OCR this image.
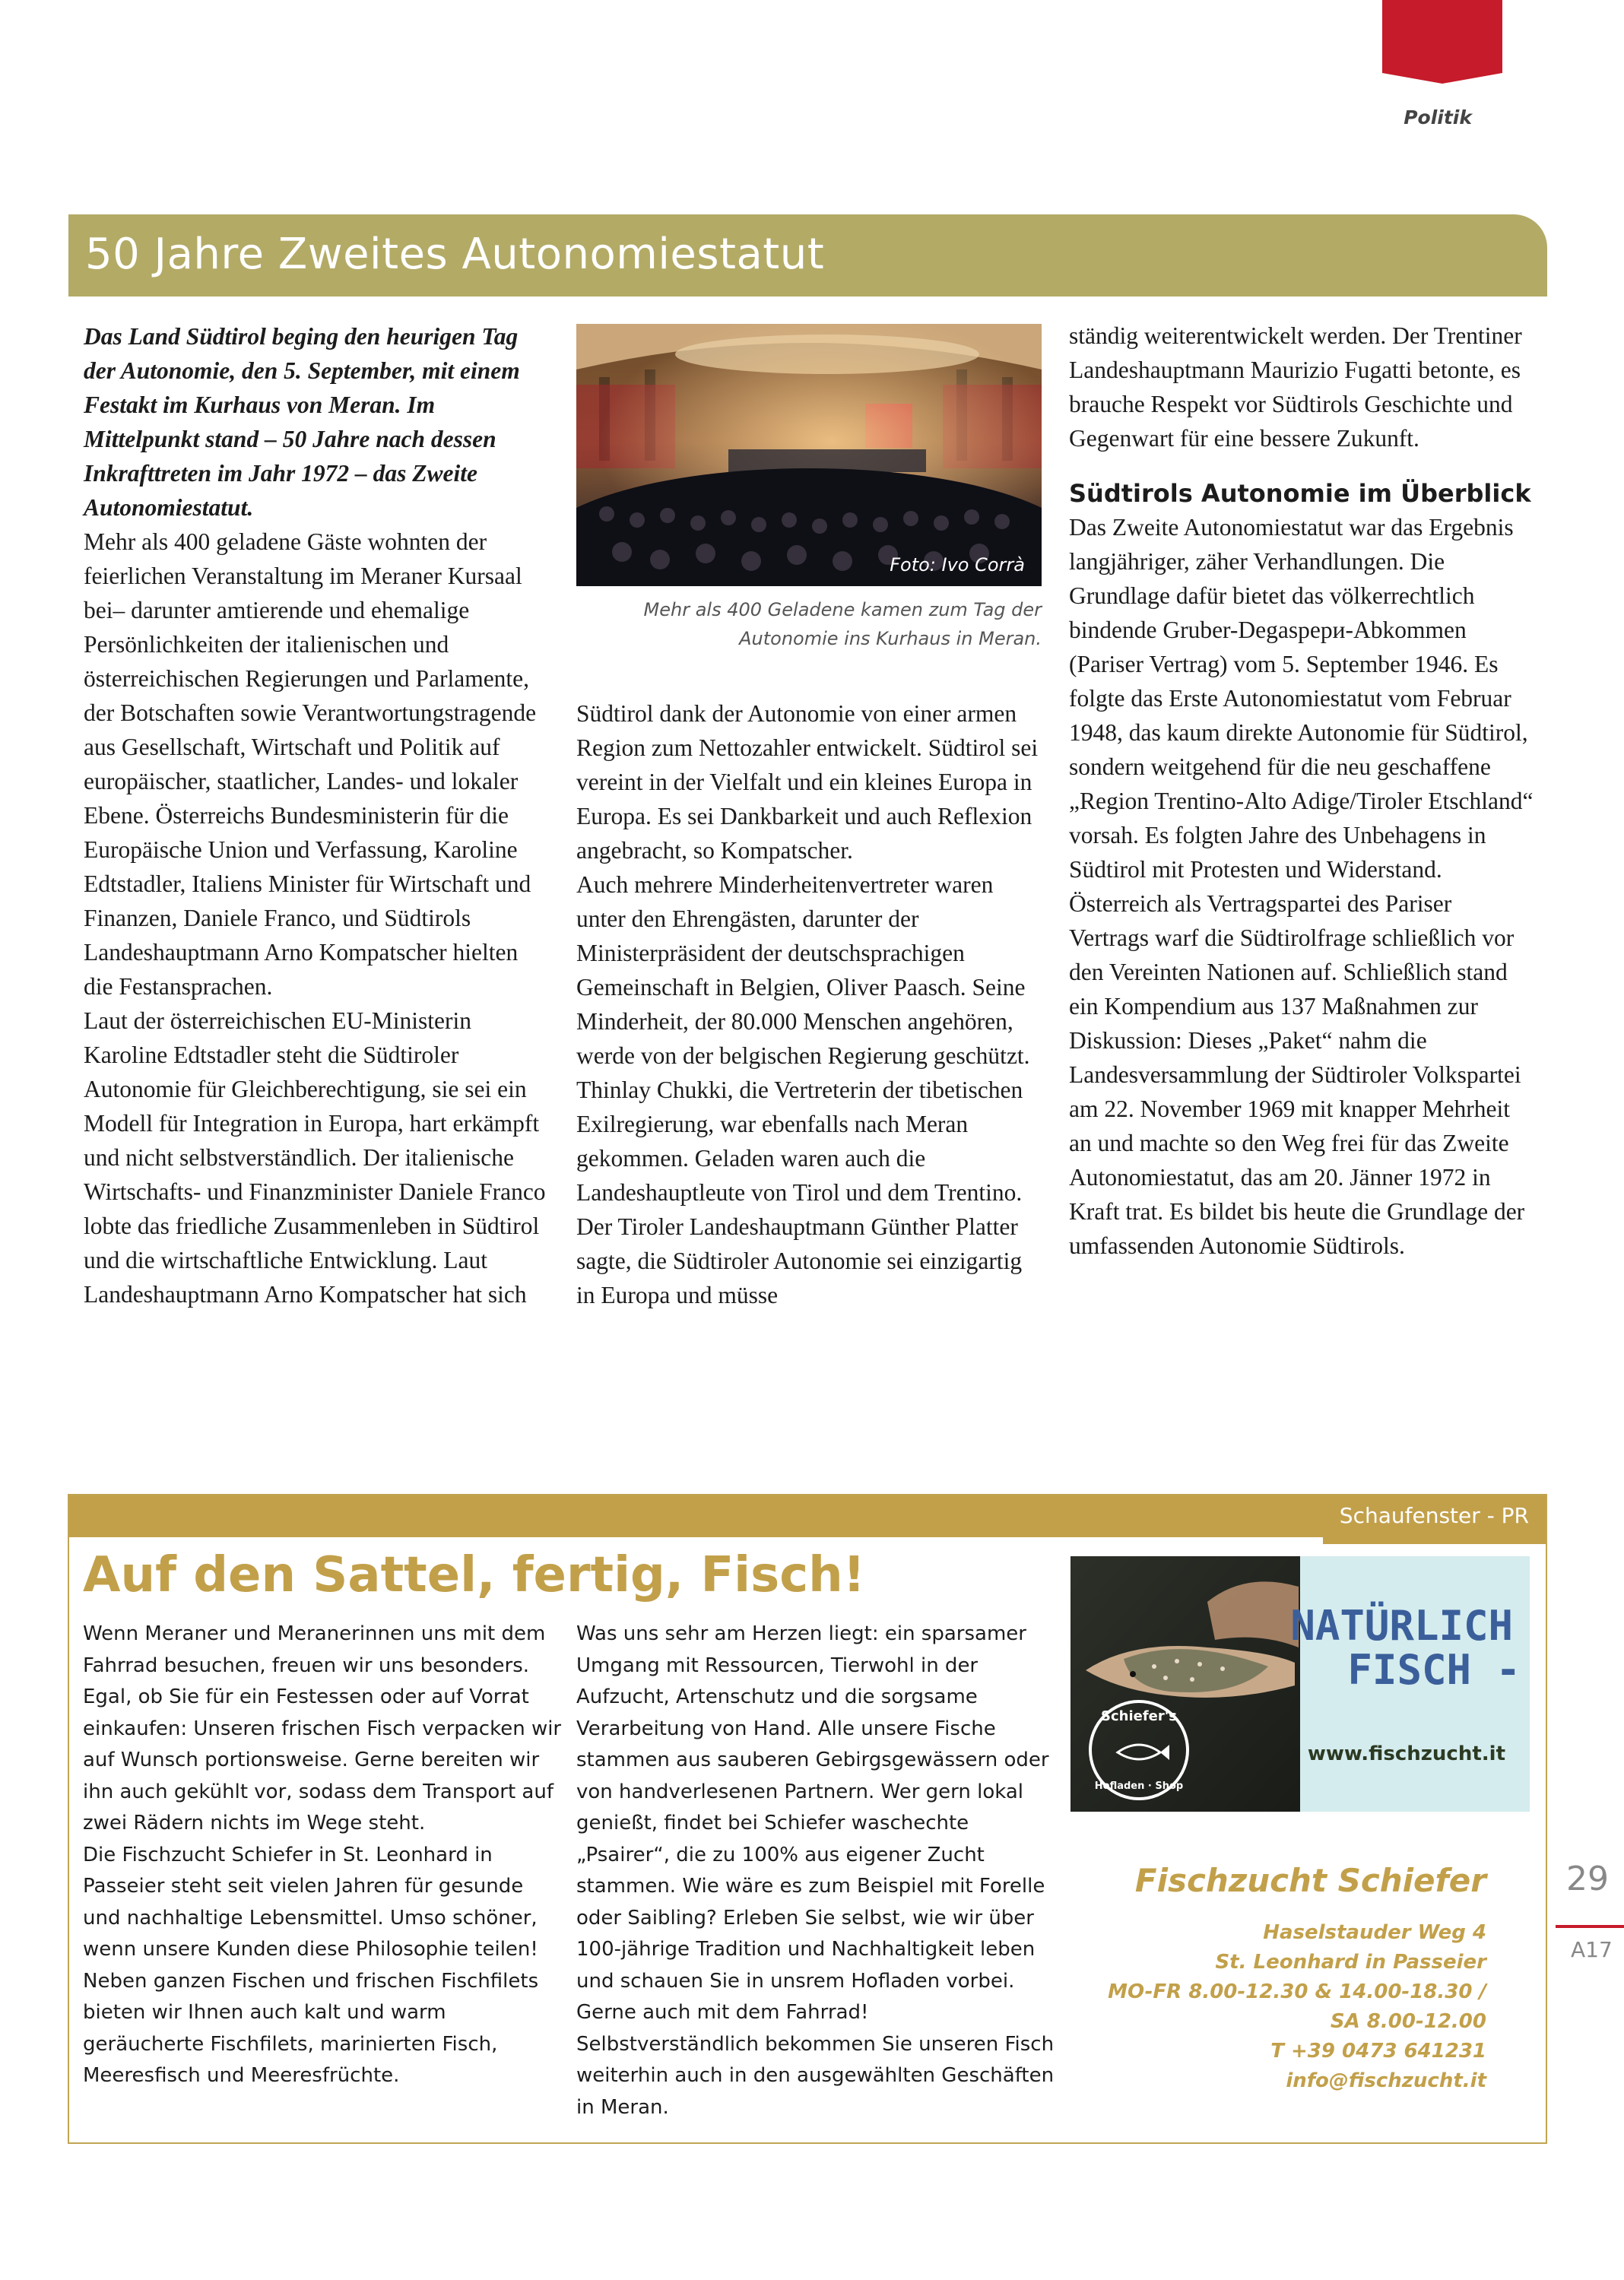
Politik
50 Jahre Zweites Autonomiestatut

Das Land Südtirol beging den heurigen Tag der Autonomie, den 5. September, mit einem Festakt im Kurhaus von Meran. Im Mittelpunkt stand – 50 Jahre nach dessen Inkrafttreten im Jahr 1972 – das Zweite Autonomiestatut.

Mehr als 400 geladene Gäste wohnten der feierlichen Veranstaltung im Meraner Kursaal bei– darunter amtierende und ehemalige Persönlichkeiten der italienischen und österreichischen Regierungen und Parlamente, der Botschaften sowie Verantwortungstragende aus Gesellschaft, Wirtschaft und Politik auf europäischer, staatlicher, Landes- und lokaler Ebene. Österreichs Bundesministerin für die Europäische Union und Verfassung, Karoline Edtstadler, Italiens Minister für Wirtschaft und Finanzen, Daniele Franco, und Südtirols Landeshauptmann Arno Kompatscher hielten die Festansprachen.

Laut der österreichischen EU-Ministerin Karoline Edtstadler steht die Südtiroler Autonomie für Gleichberechtigung, sie sei ein Modell für Integration in Europa, hart erkämpft und nicht selbstverständlich. Der italienische Wirtschafts- und Finanzminister Daniele Franco lobte das friedliche Zusammenleben in Südtirol und die wirtschaftliche Entwicklung. Laut Landeshauptmann Arno Kompatscher hat sich

Foto: Ivo Corrà
Mehr als 400 Geladene kamen zum Tag der Autonomie ins Kurhaus in Meran.

Südtirol dank der Autonomie von einer armen Region zum Nettozahler entwickelt. Südtirol sei vereint in der Vielfalt und ein kleines Europa in Europa. Es sei Dankbarkeit und auch Reflexion angebracht, so Kompatscher.

Auch mehrere Minderheitenvertreter waren unter den Ehrengästen, darunter der Ministerpräsident der deutschsprachigen Gemeinschaft in Belgien, Oliver Paasch. Seine Minderheit, der 80.000 Menschen angehören, werde von der belgischen Regierung geschützt.

Thinlay Chukki, die Vertreterin der tibetischen Exilregierung, war ebenfalls nach Meran gekommen. Geladen waren auch die Landeshauptleute von Tirol und dem Trentino. Der Tiroler Landeshauptmann Günther Platter sagte, die Südtiroler Autonomie sei einzigartig in Europa und müsse

ständig weiterentwickelt werden. Der Trentiner Landeshauptmann Maurizio Fugatti betonte, es brauche Respekt vor Südtirols Geschichte und Gegenwart für eine bessere Zukunft.

Südtirols Autonomie im Überblick

Das Zweite Autonomiestatut war das Ergebnis langjähriger, zäher Verhandlungen. Die Grundlage dafür bietet das völkerrechtlich bindende Gruber-Degaspери-Abkommen (Pariser Vertrag) vom 5. September 1946. Es folgte das Erste Autonomiestatut vom Februar 1948, das kaum direkte Autonomie für Südtirol, sondern weitgehend für die neu geschaffene „Region Trentino-Alto Adige/Tiroler Etschland“ vorsah. Es folgten Jahre des Unbehagens in Südtirol mit Protesten und Widerstand. Österreich als Vertragspartei des Pariser Vertrags warf die Südtirolfrage schließlich vor den Vereinten Nationen auf. Schließlich stand ein Kompendium aus 137 Maßnahmen zur Diskussion: Dieses „Paket“ nahm die Landesversammlung der Südtiroler Volkspartei am 22. November 1969 mit knapper Mehrheit an und machte so den Weg frei für das Zweite Autonomiestatut, das am 20. Jänner 1972 in Kraft trat. Es bildet bis heute die Grundlage der umfassenden Autonomie Südtirols.

Schaufenster - PR
Auf den Sattel, fertig, Fisch!

Wenn Meraner und Meranerinnen uns mit dem Fahrrad besuchen, freuen wir uns besonders. Egal, ob Sie für ein Festessen oder auf Vorrat einkaufen: Unseren frischen Fisch verpacken wir auf Wunsch portionsweise. Gerne bereiten wir ihn auch gekühlt vor, sodass dem Transport auf zwei Rädern nichts im Wege steht.

Die Fischzucht Schiefer in St. Leonhard in Passeier steht seit vielen Jahren für gesunde und nachhaltige Lebensmittel. Umso schöner, wenn unsere Kunden diese Philosophie teilen! Neben ganzen Fischen und frischen Fischfilets bieten wir Ihnen auch kalt und warm geräucherte Fischfilets, marinierten Fisch, Meeresfisch und Meeresfrüchte.

Was uns sehr am Herzen liegt: ein sparsamer Umgang mit Ressourcen, Tierwohl in der Aufzucht, Artenschutz und die sorgsame Verarbeitung von Hand. Alle unsere Fische stammen aus sauberen Gebirgsgewässern oder von handverlesenen Partnern. Wer gern lokal genießt, findet bei Schiefer waschechte „Psairer“, die zu 100% aus eigener Zucht stammen. Wie wäre es zum Beispiel mit Forelle oder Saibling? Erleben Sie selbst, wie wir über 100-jährige Tradition und Nachhaltigkeit leben und schauen Sie in unsrem Hofladen vorbei. Gerne auch mit dem Fahrrad! Selbstverständlich bekommen Sie unseren Fisch weiterhin auch in den ausgewählten Geschäften in Meran.

Schiefer's
Hofladen · Shop
NATÜRLICH
FISCH -
www.fischzucht.it
Fischzucht Schiefer
Haselstauder Weg 4
St. Leonhard in Passeier
MO-FR 8.00-12.30 & 14.00-18.30 /
SA 8.00-12.00
T +39 0473 641231
info@fischzucht.it
29
A17
